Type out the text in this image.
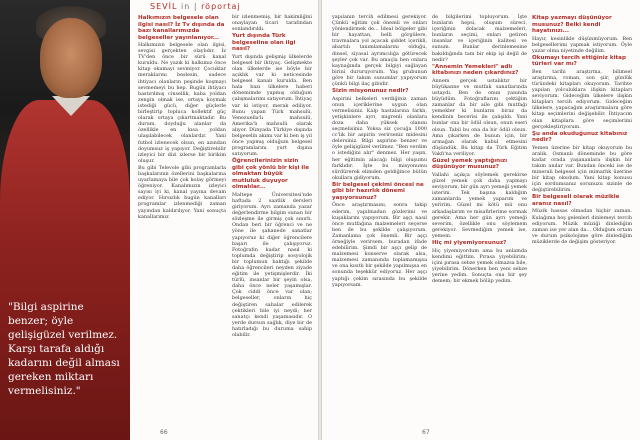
"Bilgi aspirine benzer; öyle gelişigüzel verilmez. Karşı tarafa aldığı kadarını değil alması gereken miktarı vermelisiniz."
SEVİL in | röportaj
Halkımızın belgesele olan ilgisi nasıl? İz Tv dışında da bazı kanallarımızda belgeseller yayınlanıyor...

Halkımızın belgesele olan ilgisi, sevgisi gerçekten olaylıdır. İz TV'den önce bir sürü kanal kuruldu. Ne yazık ki halkımız önce kitap okumayı sevmiyor. Çocuklar meraklarını beslesin, sadece ihtiyacı olanların peşinde koşmayı sevmemeyi bu hep. Bugün ihtiyacı bastırılmış cinsellik, kaba yoldan zengin olmak ise, ortaya koymak istediği gücü, diğer güçlerle birleştirip topluca kollektif güç olarak ortaya çıkartmaktadır. Bu durum, doyduğu alanlar da özellikle en kısa yoldan ulaşılabilecek olanlardır. Yani futbol izlenecek olsun, en azından doyumsuz iş yapıyor. Değiştirebilir izleyici bir dizi izlerse bir birikim oluşur.

Bu gibi Televole gibi programlarla başkalarının özellerini başkalarına uyarlamaya bile çok kolay görmeyi öğreniyor. Kanalımızın izleyici sayısı iyi ki, kanal yayına devam ediyor. Hırsızlık bugün kanalları programlar izlenmediği zaman yayından kaldırılıyor. Yani sonuçta kanallarımız

bir izlenmemiş, bir hakimliğini onaylayan ticari tarafından sonlandırıldı.

Yurt dışında Türk belgeseline olan ilgi nasıl?

Yurt dışında gelişmiş ülkelerde belgesel bir ihtiyaç. Gelişmekte olan ülkelerde ise böyle bir açıklık var ki neticesinde belgesel kanalı kurulda. Ben hala bazı ülkelere haberi dönemimde yapmış olduğum çalışmalarımı satıyorum. İhtiyaç var ki istiyor, merak ediliyor. Bunu yapan Türk mahsulü, Venezuella'lı mahsulü, Amerika'lı mahsulü olarak alıyor. Dünyada Türkiye dışında belgeselin akımı var ki ben iş yıl önce yapmış olduğum belgesel programlarını yurt dışına satıyorum.

Öğrencilerinizin sizin gibi çok yönlü bir kişi ile olmaktan büyük mutluluk duyuyor olmalılar...

Maltepe Üniversitesi'nde haftada 2 saatlik dersleri giriyorum. Ayrı zamanda yazar değerlendirme bilgim sunan bir sözleşme ile girmiş çok sınırlı. Ondan beri bir öğrenci ve ne yöne ile şahanede sanatlar yapıyoruz ki diğer öğrencilere başarı ile çalışıyoruz. Fotoğrafın kadar nasıl ki toplumda değiştirip sosyolojik bir toplumun baktığı şekilde daha öğrencileri neyden ziyade eğitim ile yetişmişlerdir. İki türlü, insanlar bir şeyin olsa, daha önce neler yaşamışlar. Çok ciddi önce var olan; belgeseller, onların hiç değiştiren sahalar edilerek çektikleri bile iyi neydi; her sanatçı kendi yaşamasıdır. O yerde dursun sağlık, diye bir de hatırladığı bu duruma sahip olabilir.

66

yapılanın tercih edilmesi gerekiyor. Çünkü eğitim çok önemli ve onları yönlendirmek de... İdeal bölgeler gibi bir hayattan, belli görgülere, travmalara yol açacak şiddet içerikli, abartılı tanımlamalarını olduğu, dinsel, siyasal ayrımcılığa götürecek şeyler çok var. Bu amaçla ben onlara kaynağında gerçek bilgiyi sağlayan birini dururuyorum. Yaş grubunun göre bir takım sunumlar yapıyorum çünkü bilgi ilaç gibidir.

Sizin misyonunuz nedir?

Aspirini belkeleri verdiğiniz zaman onun içeriklerine uygun olan vermelisiniz. Kalp hastalarına farklı, yetişkinlere ayrı, migrenli olanlara doza daha yüksek olanını seçmelisiniz. Yoksa siz çocuğa 1000 cc'lik bir aspirin verirseniz midesini delersiniz. Bilgi aspirine benzer ve öyle gelişigüzel verilmez. "Ben verdim o istediğini alır" denmez. Her yaşın, her eğitimin alacağı bilgi oluşumu farklıdır. İşte bu misyonumu sürdürerek elimden geldiğince bütün okullara gidiyorum.

Bir belgesel çekimi öncesi ne gibi bir hazırlık dönemi yaşıyorsunuz?

Önce araştırmasını, sonra takip ederim, yapılmadan gözlerimi ve kuşaklarını yapıyorum. Bir aşçı nasıl önce mutfağına malzemeleri seçerse ben de bu şekilde çalışıyorum. Zamanlama çok önemli. Bir aşçı örneğiyle verirsem, buradan ifade edebilirim. Şimdi bir aşçı gelip de malzemesi konserve olarak alsa, malzemesi zamanında toplamamışsa ve ona kısıtlı bir şekilde yapılmışsa en sonunda teşekkür ediyoruz. Her aşçı yaptığı çekim sırasında bu şekilde yapıyorsam.

de bilgilerimi topluyorum. İşte bunların hepsi, oluşum süreci, içeriğinin dolacak malzemeleri, bunların seçimi, onları getiren insanlar ve içeriğinin kalitesi ve sunum. Bunlar derinlemesine bakıldığında tam bir ekip işi değil de nedir?

"Annemin Yemekleri" adlı kitabınızı neden çıkardınız?

Annem gerçek ustalıktır bir büyükanne ve mutfak sanatlarında ustaydı. Ben de onun yanında büyüdüm. Fotoğraflarını çektiğim zamanlar da bir aile gibi mutfağı yemekler ki bunların biraz da kendinin becerisi ile çalışıldı. Yani bunlar ona bir ödül olsun, onun eseri olsun. Tabii bu ona da bir ödül olsun. Ama çıkarken de bunun için, bir armağan olarak kabul etmesini düşündük. Bu kitap da Türk Eğitim Vakfı'na veriliyor.

Güzel yemek yaptığınızı düşünüyor musunuz?

Vallahi açıkça söylemek gerekirse güzel yemek çok daha yapmayı seviyorum, bir gün ayrı yemeği yemek isterim. Tek başına kaldığım zamanlarda yemek yaparım ve yeririm. Güzel mi kötü mü onu arkadaşlarım ve misafirlerime sormak gerekir. Ama her gün ayrı yemeği severim, özellikle onu söylemem gerekiyor. Sevmediğim yemek ise, yemem.

Hiç mi yiyemiyorsunuz?

Hiç yiyemiyordum ama bu anlamda kendimi eğittim. Pırasa yiyebilirim; içini pırasa sebze yemek olmazsa bile, yiyebilirim. Dönerken ben yeni sebze yerine yedim. Sonuçta ona bir şey demem; bir ekmek bölüp yedim.

Kitap yazmayı düşünüyor musunuz? Belki kendi hayatınızı...

Hayır, kesinlikle düşünmüyorum. Ben belgesellerimi yapmak istiyorum. Öyle yazar olma niyetinde değilim.

Okumayı tercih ettiğiniz kitap türleri var mı?

Ben tarihi araştırma, bilimsel araştırma, roman, son şiir, günlük türündeki kitapları okuyorum. Tarihte yapılan yolculuklara ilişkin kitapları seviyorum. Gideceğim ülkelere ilişkin kitapları tercih ediyorum. Gideceğim ülkelere, yapacağım araştırmalara göre kitap seçimlerini değişebilir. İhtiyacım olan kitaplara göre seçimlerimi gerçekleştiriyorum.

Şu anda okuduğunuz kitabınız nedir?

Yemen üzerine bir kitap okuyorum bu aralık. Osmanlı döneminde bu göre kadar orada yaşananlara ilişkin bir takım anılar var. Bundan önceki ise de minerali belgesel için mimarlık üzerine bir kitap okudum. Yani kitap konusu için sordumsanız sorunuzu sizinle de değiştirebilirim.

Bir belgeseli olarak müzikle aranız nasıl?

Müzik hassas olmadan hiçbir zaman. Kulağıma hoş gelenleri dinlemeyi tercih ediyorum. Müzik müziği dinlediğim zaman ise yer alan da... Olduğum ortam ve durum psikolojime göre dinlediğim müziklerde de değişim gösteriyor.

67
